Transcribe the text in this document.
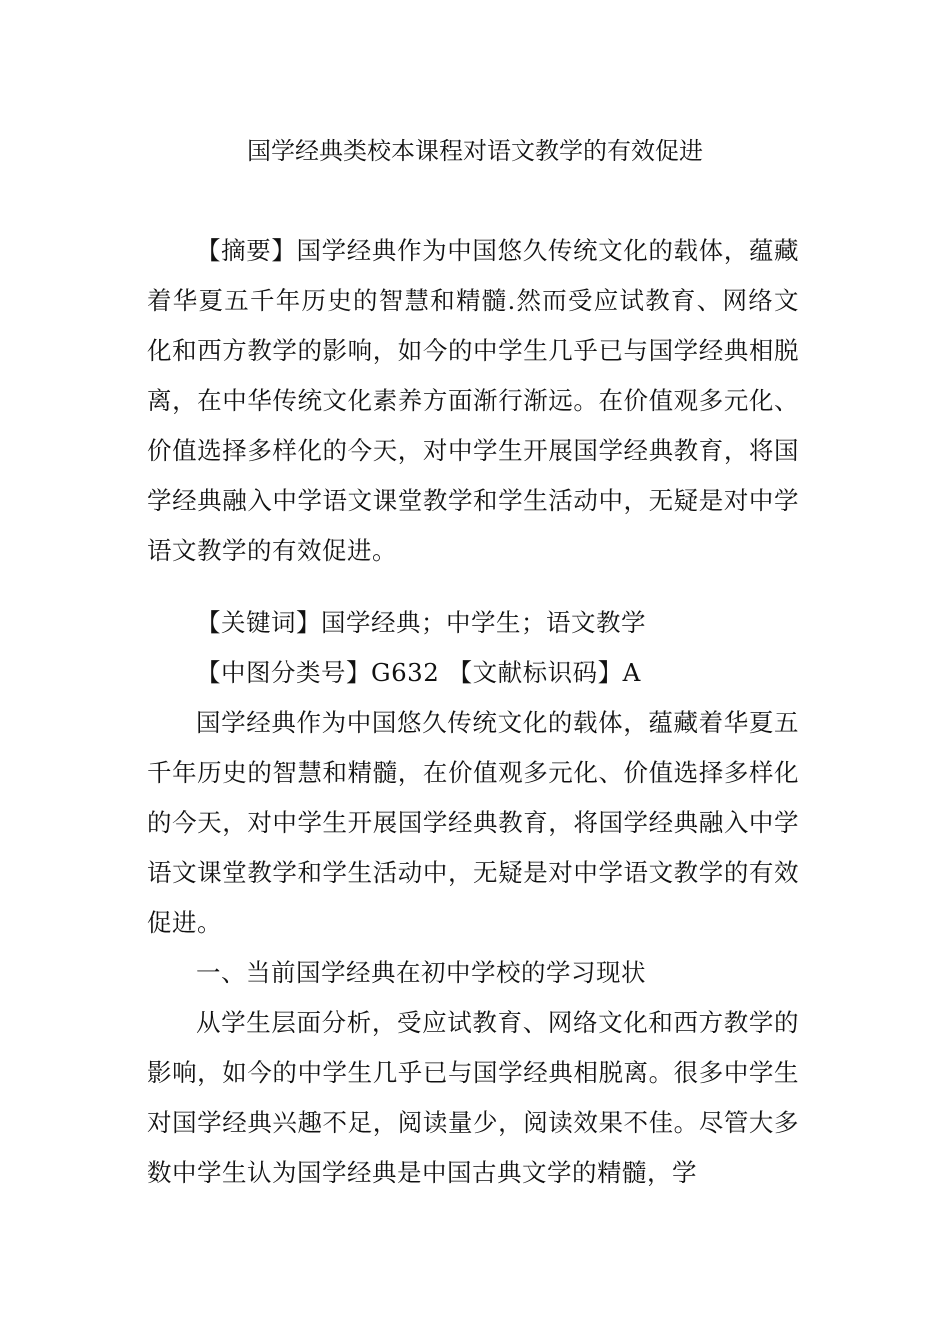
国学经典类校本课程对语文教学的有效促进

【摘要】国学经典作为中国悠久传统文化的载体，蕴藏着华夏五千年历史的智慧和精髓.然而受应试教育、网络文化和西方教学的影响，如今的中学生几乎已与国学经典相脱离，在中华传统文化素养方面渐行渐远。在价值观多元化、价值选择多样化的今天，对中学生开展国学经典教育，将国学经典融入中学语文课堂教学和学生活动中，无疑是对中学语文教学的有效促进。

【关键词】国学经典；中学生；语文教学

【中图分类号】G632 【文献标识码】A

国学经典作为中国悠久传统文化的载体，蕴藏着华夏五千年历史的智慧和精髓，在价值观多元化、价值选择多样化的今天，对中学生开展国学经典教育，将国学经典融入中学语文课堂教学和学生活动中，无疑是对中学语文教学的有效促进。

一、当前国学经典在初中学校的学习现状

从学生层面分析，受应试教育、网络文化和西方教学的影响，如今的中学生几乎已与国学经典相脱离。很多中学生对国学经典兴趣不足，阅读量少，阅读效果不佳。尽管大多数中学生认为国学经典是中国古典文学的精髓，学
